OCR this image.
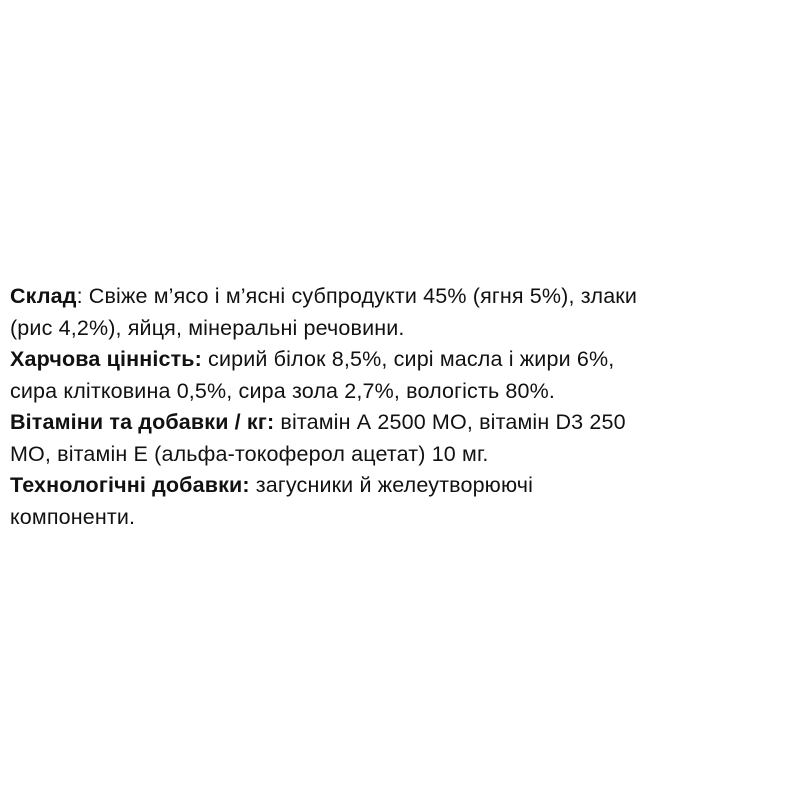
Склад: Свіже м’ясо і м’ясні субпродукти 45% (ягня 5%), злаки
(рис 4,2%), яйця, мінеральні речовини.

Харчова цінність: сирий білок 8,5%, сирі масла і жири 6%,
сира клітковина 0,5%, сира зола 2,7%, вологість 80%.

Вітаміни та добавки / кг: вітамін А 2500 МО, вітамін D3 250
МО, вітамін Е (альфа-токоферол ацетат) 10 мг.

Технологічні добавки: загусники й желеутворюючі
компоненти.
